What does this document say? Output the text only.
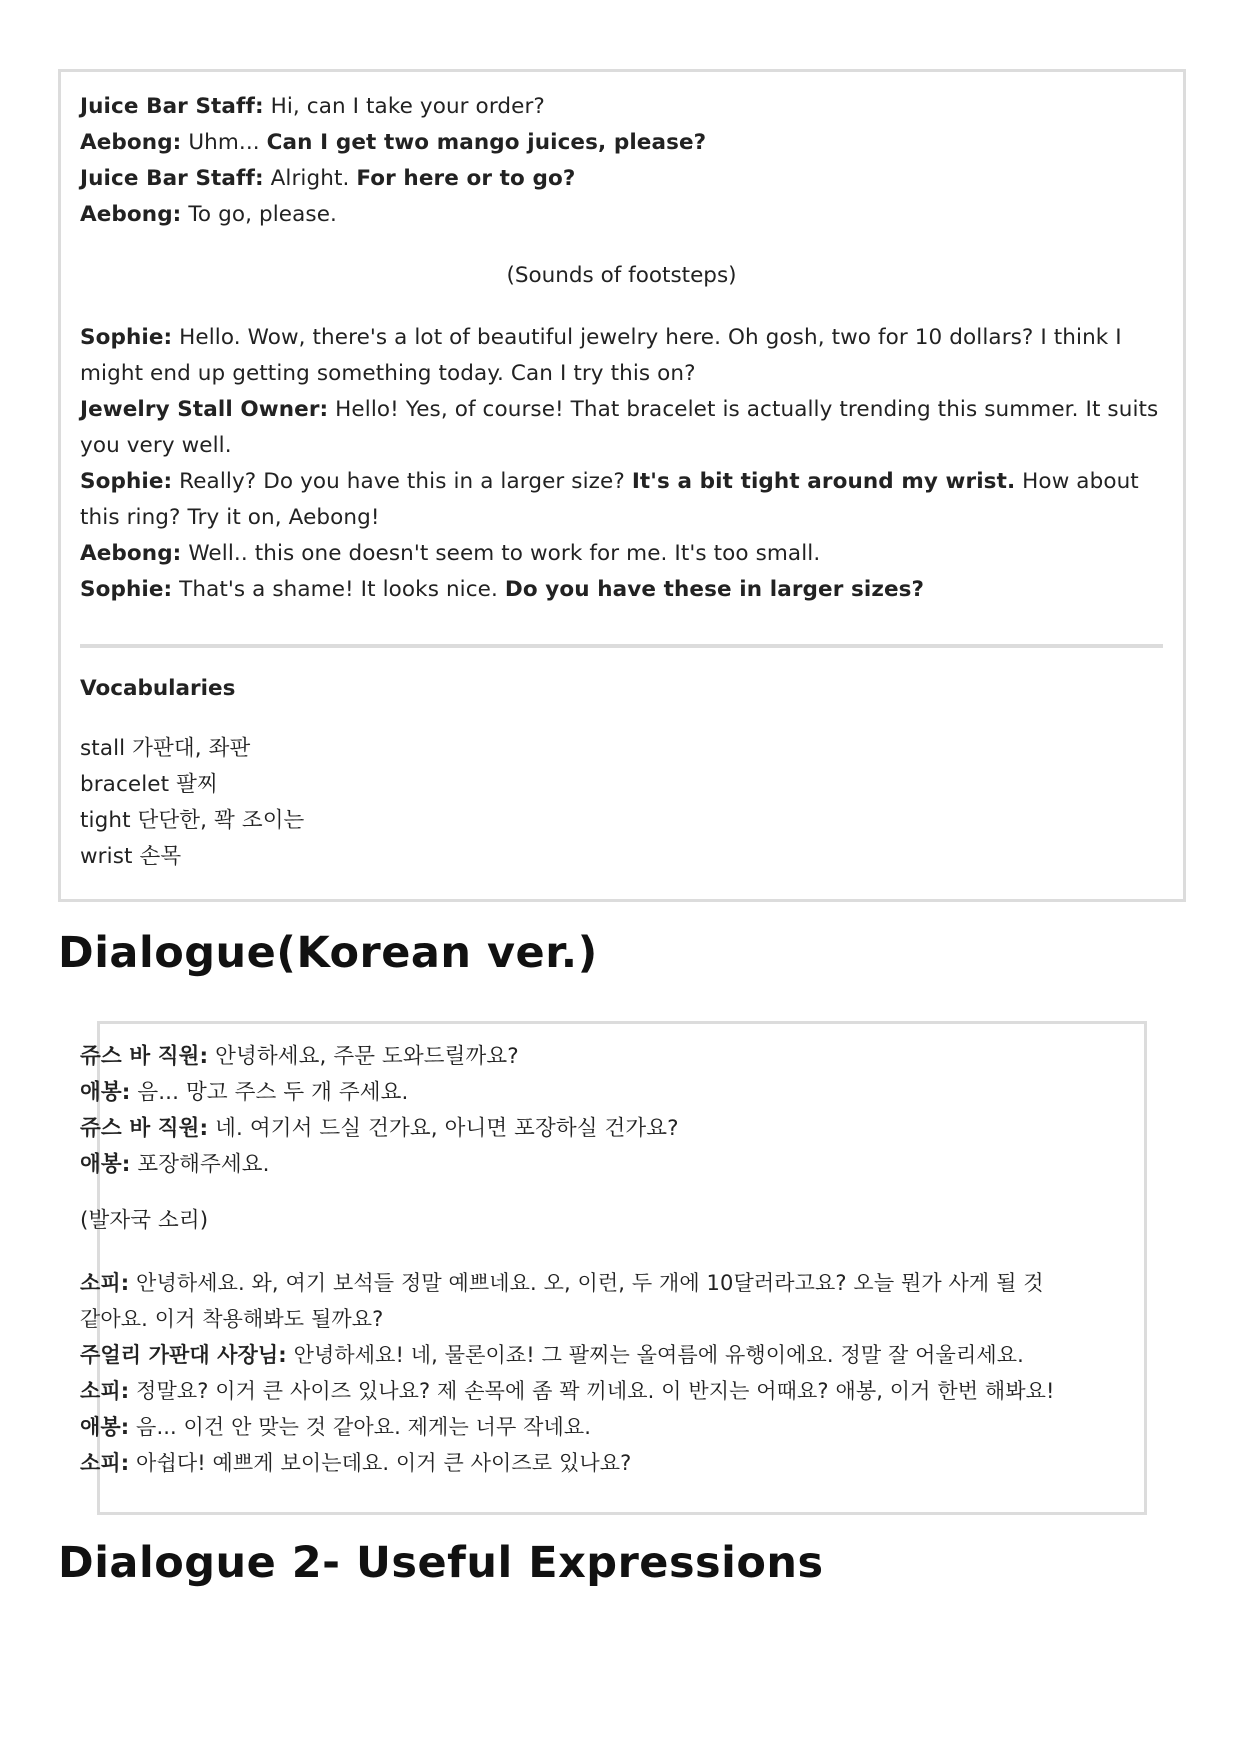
Juice Bar Staff: Hi, can I take your order?
Aebong: Uhm... Can I get two mango juices, please?
Juice Bar Staff: Alright. For here or to go?
Aebong: To go, please.
(Sounds of footsteps)
Sophie: Hello. Wow, there's a lot of beautiful jewelry here. Oh gosh, two for 10 dollars? I think I might end up getting something today. Can I try this on?
Jewelry Stall Owner: Hello! Yes, of course! That bracelet is actually trending this summer. It suits you very well.
Sophie: Really? Do you have this in a larger size? It's a bit tight around my wrist. How about this ring? Try it on, Aebong!
Aebong: Well.. this one doesn't seem to work for me. It's too small.
Sophie: That's a shame! It looks nice. Do you have these in larger sizes?
Vocabularies
stall 가판대, 좌판
bracelet 팔찌
tight 단단한, 꽉 조이는
wrist 손목
Dialogue(Korean ver.)
쥬스 바 직원: 안녕하세요, 주문 도와드릴까요?
애봉: 음... 망고 주스 두 개 주세요.
쥬스 바 직원: 네. 여기서 드실 건가요, 아니면 포장하실 건가요?
애봉: 포장해주세요.
(발자국 소리)
소피: 안녕하세요. 와, 여기 보석들 정말 예쁘네요. 오, 이런, 두 개에 10달러라고요? 오늘 뭔가 사게 될 것
같아요. 이거 착용해봐도 될까요?
주얼리 가판대 사장님: 안녕하세요! 네, 물론이죠! 그 팔찌는 올여름에 유행이에요. 정말 잘 어울리세요.
소피: 정말요? 이거 큰 사이즈 있나요? 제 손목에 좀 꽉 끼네요. 이 반지는 어때요? 애봉, 이거 한번 해봐요!
애봉: 음... 이건 안 맞는 것 같아요. 제게는 너무 작네요.
소피: 아쉽다! 예쁘게 보이는데요. 이거 큰 사이즈로 있나요?
Dialogue 2- Useful Expressions
